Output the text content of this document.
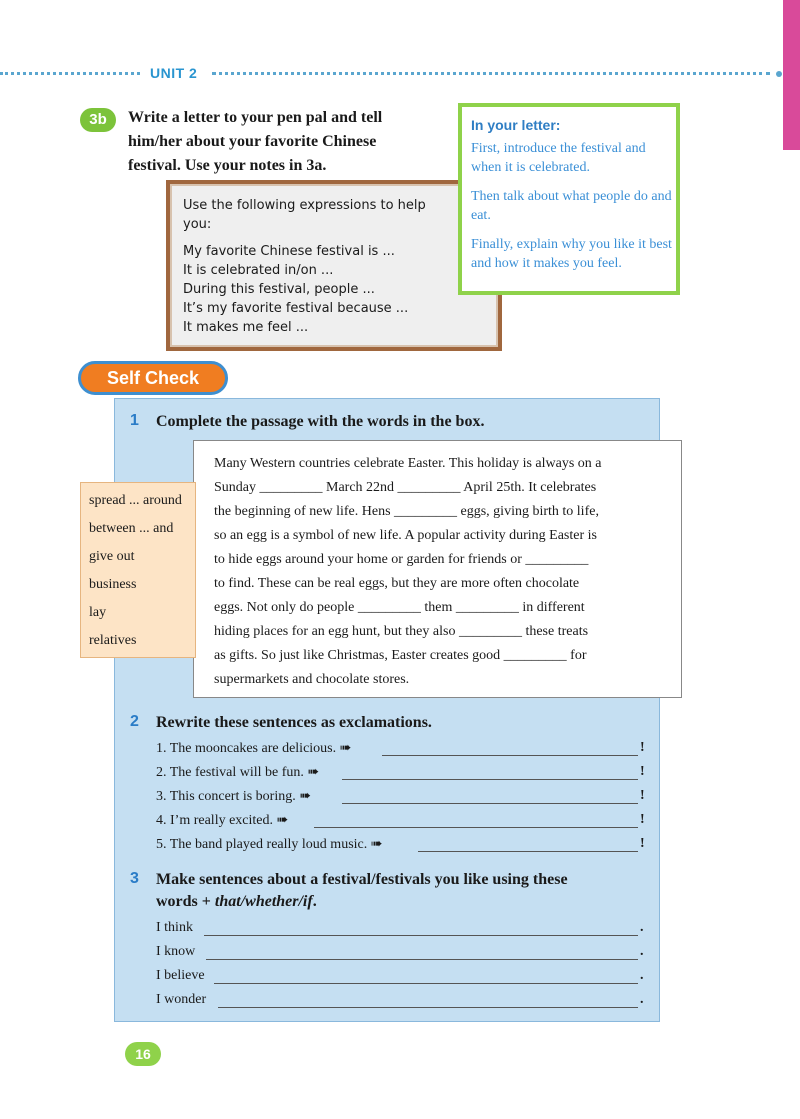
UNIT 2
3b	Write a letter to your pen pal and tell
him/her about your favorite Chinese
festival. Use your notes in 3a.
Use the following expressions to help you:
My favorite Chinese festival is ...
It is celebrated in/on ...
During this festival, people ...
It’s my favorite festival because ...
It makes me feel ...
In your letter:
First, introduce the festival and when it is celebrated.
Then talk about what people do and eat.
Finally, explain why you like it best and how it makes you feel.
Self Check
1 Complete the passage with the words in the box.
Many Western countries celebrate Easter. This holiday is always on a
Sunday _________ March 22nd _________ April 25th. It celebrates
the beginning of new life. Hens _________ eggs, giving birth to life,
so an egg is a symbol of new life. A popular activity during Easter is
to hide eggs around your home or garden for friends or _________
to find. These can be real eggs, but they are more often chocolate
eggs. Not only do people _________ them _________ in different
hiding places for an egg hunt, but they also _________ these treats
as gifts. So just like Christmas, Easter creates good _________ for
supermarkets and chocolate stores.
spread ... around
between ... and
give out
business
lay
relatives
2 Rewrite these sentences as exclamations.
1. The mooncakes are delicious. ➠	!
2. The festival will be fun. ➠	!
3. This concert is boring. ➠	!
4. I’m really excited. ➠	!
5. The band played really loud music. ➠	!
3 Make sentences about a festival/festivals you like using these
words + that/whether/if.
I think	.
I know	.
I believe	.
I wonder	.
16
